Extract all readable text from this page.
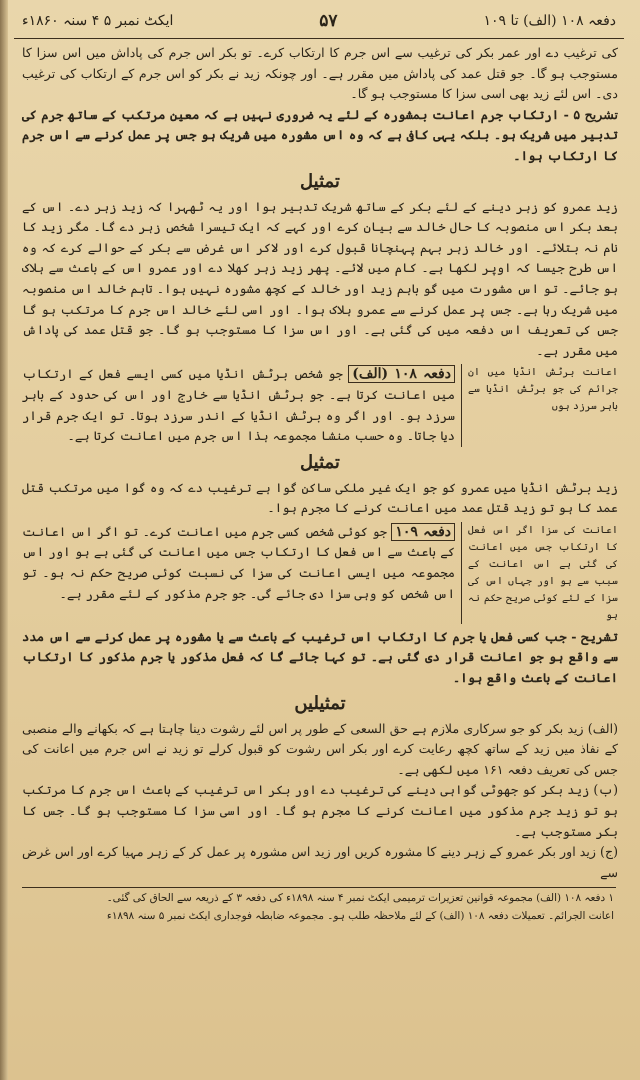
دفعہ ۱۰۸ (الف) تا ۱۰۹
۵۷
ایکٹ نمبر ۵ ۴ سنہ ۱۸۶۰ء

کی ترغیب دے اور عمر بکر کی ترغیب سے اس جرم کا ارتکاب کرے۔ تو بکر اس جرم کی پاداش میں اس سزا کا مستوجب ہو گا۔ جو قتل عمد کی پاداش میں مقرر ہے۔ اور چونکہ زید نے بکر کو اس جرم کے ارتکاب کی ترغیب دی۔ اس لئے زید بھی اسی سزا کا مستوجب ہو گا۔

تشریح ۵ - ارتکاب جرم اعانت بمشورہ کے لئے یہ ضروری نہیں ہے کہ معین مرتکب کے ساتھ جرم کی تدبیر میں شریک ہو۔ بلکہ یہی کافی ہے کہ وہ اس مشورہ میں شریک ہو جس پر عمل کرنے سے اس جرم کا ارتکاب ہوا۔

تمثیل

زید عمرو کو زہر دینے کے لئے بکر کے ساتھ شریک تدبیر ہوا اور یہ ٹھہرا کہ زید زہر دے۔ اس کے بعد بکر اس منصوبہ کا حال خالد سے بیان کرے اور کہے کہ ایک تیسرا شخص زہر دے گا۔ مگر زید کا نام نہ بتلائے۔ اور خالد زہر بہم پہنچانا قبول کرے اور لاکر اس غرض سے بکر کے حوالے کرے کہ وہ اس طرح جیسا کہ اوپر لکھا ہے۔ کام میں لائے۔ پھر زید زہر کھلا دے اور عمرو اس کے باعث سے ہلاک ہو جائے۔ تو اس مشورت میں گو باہم زید اور خالد کے کچھ مشورہ نہیں ہوا۔ تاہم خالد اس منصوبہ میں شریک رہا ہے۔ جس پر عمل کرنے سے عمرو ہلاک ہوا۔ اور اسی لئے خالد اس جرم کا مرتکب ہو گا جس کی تعریف اس دفعہ میں کی گئی ہے۔ اور اس سزا کا مستوجب ہو گا۔ جو قتل عمد کی پاداش میں مقرر ہے۔

اعانت برٹش انڈیا میں ان جرائم کی جو برٹش انڈیا سے باہر سرزد ہوں
دفعہ ۱۰۸ (الف) جو شخص برٹش انڈیا میں کسی ایسے فعل کے ارتکاب میں اعانت کرتا ہے۔ جو برٹش انڈیا سے خارج اور اس کی حدود کے باہر سرزد ہو۔ اور اگر وہ برٹش انڈیا کے اندر سرزد ہوتا۔ تو ایک جرم قرار دیا جاتا۔ وہ حسب منشا مجموعہ ہذا اس جرم میں اعانت کرتا ہے۔
تمثیل

زید برٹش انڈیا میں عمرو کو جو ایک غیر ملکی ساکن گوا ہے ترغیب دے کہ وہ گوا میں مرتکب قتل عمد کا ہو تو زید قتل عمد میں اعانت کرنے کا مجرم ہوا۔

اعانت کی سزا اگر اس فعل کا ارتکاب جس میں اعانت کی گئی ہے اس اعانت کے سبب سے ہو اور جہاں اس کی سزا کے لئے کوئی صریح حکم نہ ہو
دفعہ ۱۰۹ جو کوئی شخص کسی جرم میں اعانت کرے۔ تو اگر اس اعانت کے باعث سے اس فعل کا ارتکاب جس میں اعانت کی گئی ہے ہو اور اس مجموعہ میں ایسی اعانت کی سزا کی نسبت کوئی صریح حکم نہ ہو۔ تو اس شخص کو وہی سزا دی جائے گی۔ جو جرم مذکور کے لئے مقرر ہے۔

تشریح - جب کسی فعل یا جرم کا ارتکاب اس ترغیب کے باعث سے یا مشورہ پر عمل کرنے سے اس مدد سے واقع ہو جو اعانت قرار دی گئی ہے۔ تو کہا جائے گا کہ فعل مذکور یا جرم مذکور کا ارتکاب اعانت کے باعث واقع ہوا۔

تمثیلیں

(الف) زید بکر کو جو سرکاری ملازم ہے حق السعی کے طور پر اس لئے رشوت دینا چاہتا ہے کہ بکھانے والے منصبی کے نفاذ میں زید کے ساتھ کچھ رعایت کرے اور بکر اس رشوت کو قبول کرلے تو زید نے اس جرم میں اعانت کی جس کی تعریف دفعہ ۱۶۱ میں لکھی ہے۔

(ب) زید بکر کو جھوٹی گواہی دینے کی ترغیب دے اور بکر اس ترغیب کے باعث اس جرم کا مرتکب ہو تو زید جرم مذکور میں اعانت کرنے کا مجرم ہو گا۔ اور اسی سزا کا مستوجب ہو گا۔ جس کا بکر مستوجب ہے۔

(ج) زید اور بکر عمرو کے زہر دینے کا مشورہ کریں اور زید اس مشورہ پر عمل کر کے زہر مہیا کرے اور اس غرض سے

۱ دفعہ ۱۰۸ (الف) مجموعہ قوانین تعزیرات ترمیمی ایکٹ نمبر ۴ سنہ ۱۸۹۸ء کی دفعہ ۳ کے ذریعہ سے الحاق کی گئی۔

اعانت الجرائم۔ تعمیلات دفعہ ۱۰۸ (الف) کے لئے ملاحظہ طلب ہو۔ مجموعہ ضابطہ فوجداری ایکٹ نمبر ۵ سنہ ۱۸۹۸ء
